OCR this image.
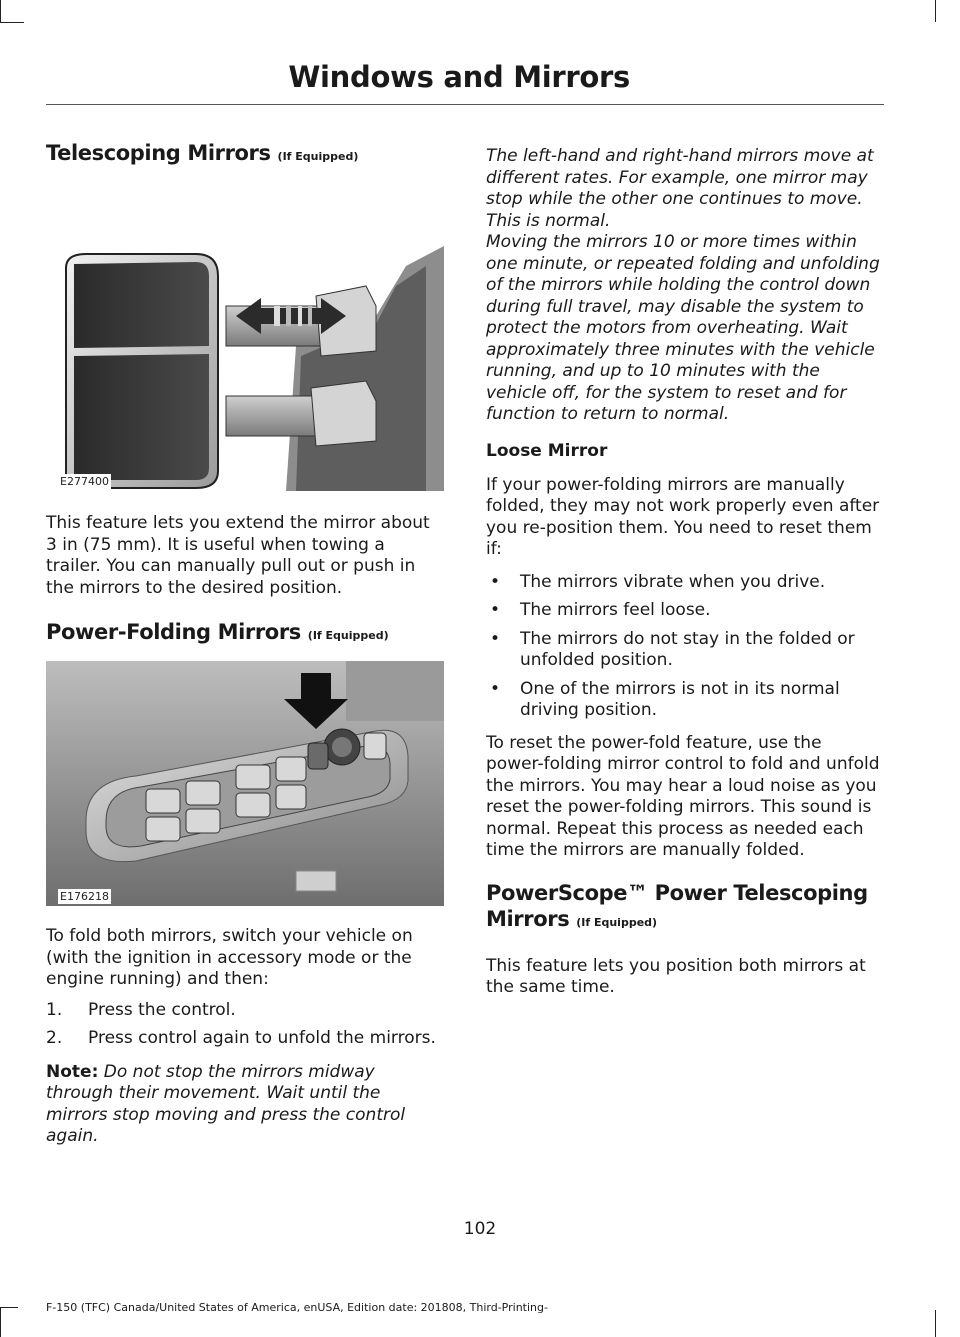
Windows and Mirrors
Telescoping Mirrors (If Equipped)
E277400

This feature lets you extend the mirror about 3 in (75 mm). It is useful when towing a trailer. You can manually pull out or push in the mirrors to the desired position.

Power-Folding Mirrors (If Equipped)
E176218

To fold both mirrors, switch your vehicle on (with the ignition in accessory mode or the engine running) and then:

1. Press the control.
2. Press control again to unfold the mirrors.

Note: Do not stop the mirrors midway through their movement. Wait until the mirrors stop moving and press the control again.

The left-hand and right-hand mirrors move at different rates. For example, one mirror may stop while the other one continues to move. This is normal.

Moving the mirrors 10 or more times within one minute, or repeated folding and unfolding of the mirrors while holding the control down during full travel, may disable the system to protect the motors from overheating. Wait approximately three minutes with the vehicle running, and up to 10 minutes with the vehicle off, for the system to reset and for function to return to normal.

Loose Mirror

If your power-folding mirrors are manually folded, they may not work properly even after you re-position them. You need to reset them if:

• The mirrors vibrate when you drive.
• The mirrors feel loose.
• The mirrors do not stay in the folded or unfolded position.
• One of the mirrors is not in its normal driving position.

To reset the power-fold feature, use the power-folding mirror control to fold and unfold the mirrors. You may hear a loud noise as you reset the power-folding mirrors. This sound is normal. Repeat this process as needed each time the mirrors are manually folded.

PowerScope™ Power Telescoping
Mirrors (If Equipped)

This feature lets you position both mirrors at the same time.

102
F-150 (TFC) Canada/United States of America, enUSA, Edition date: 201808, Third-Printing-
